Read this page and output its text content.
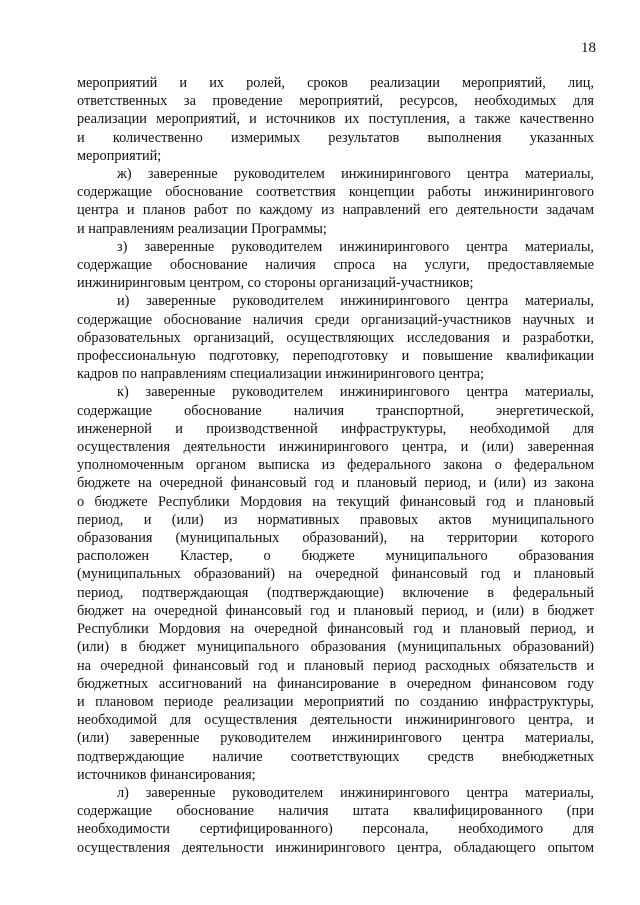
18
мероприятий и их ролей, сроков реализации мероприятий, лиц,
ответственных за проведение мероприятий, ресурсов, необходимых для
реализации мероприятий, и источников их поступления, а также качественно
и количественно измеримых результатов выполнения указанных
мероприятий;
ж) заверенные руководителем инжинирингового центра материалы,
содержащие обоснование соответствия концепции работы инжинирингового
центра и планов работ по каждому из направлений его деятельности задачам
и направлениям реализации Программы;
з) заверенные руководителем инжинирингового центра материалы,
содержащие обоснование наличия спроса на услуги, предоставляемые
инжиниринговым центром, со стороны организаций-участников;
и) заверенные руководителем инжинирингового центра материалы,
содержащие обоснование наличия среди организаций-участников научных и
образовательных организаций, осуществляющих исследования и разработки,
профессиональную подготовку, переподготовку и повышение квалификации
кадров по направлениям специализации инжинирингового центра;
к) заверенные руководителем инжинирингового центра материалы,
содержащие обоснование наличия транспортной, энергетической,
инженерной и производственной инфраструктуры, необходимой для
осуществления деятельности инжинирингового центра, и (или) заверенная
уполномоченным органом выписка из федерального закона о федеральном
бюджете на очередной финансовый год и плановый период, и (или) из закона
о бюджете Республики Мордовия на текущий финансовый год и плановый
период, и (или) из нормативных правовых актов муниципального
образования (муниципальных образований), на территории которого
расположен Кластер, о бюджете муниципального образования
(муниципальных образований) на очередной финансовый год и плановый
период, подтверждающая (подтверждающие) включение в федеральный
бюджет на очередной финансовый год и плановый период, и (или) в бюджет
Республики Мордовия на очередной финансовый год и плановый период, и
(или) в бюджет муниципального образования (муниципальных образований)
на очередной финансовый год и плановый период расходных обязательств и
бюджетных ассигнований на финансирование в очередном финансовом году
и плановом периоде реализации мероприятий по созданию инфраструктуры,
необходимой для осуществления деятельности инжинирингового центра, и
(или) заверенные руководителем инжинирингового центра материалы,
подтверждающие наличие соответствующих средств внебюджетных
источников финансирования;
л) заверенные руководителем инжинирингового центра материалы,
содержащие обоснование наличия штата квалифицированного (при
необходимости сертифицированного) персонала, необходимого для
осуществления деятельности инжинирингового центра, обладающего опытом
